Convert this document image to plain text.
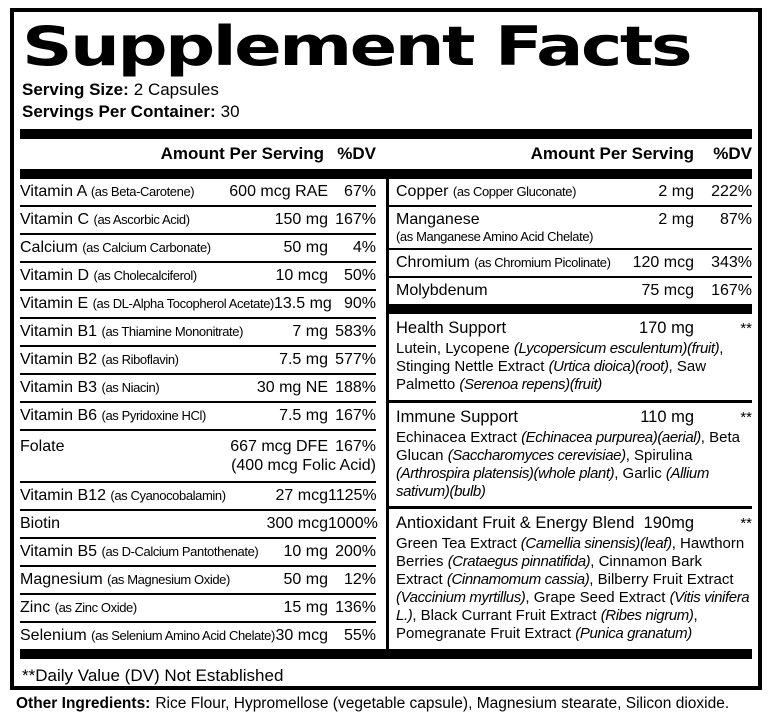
Supplement Facts
Serving Size: 2 Capsules
Servings Per Container: 30
Amount Per Serving %DV	Amount Per Serving	%DV
Vitamin A (as Beta-Carotene)	600 mcg RAE 67%
Vitamin C (as Ascorbic Acid)	150 mg 167%
Calcium (as Calcium Carbonate)	50 mg	4%
Vitamin D (as Cholecalciferol)	10 mcg 50%
Vitamin E (as DL-Alpha Tocopherol Acetate) 13.5 mg 90%
Vitamin B1 (as Thiamine Mononitrate)	7 mg 583%
Vitamin B2 (as Riboflavin)	7.5 mg 577%
Vitamin B3 (as Niacin)	30 mg NE 188%
Vitamin B6 (as Pyridoxine HCl)	7.5 mg 167%
Folate	667 mcg DFE 167%
(400 mcg Folic Acid)
Vitamin B12 (as Cyanocobalamin)	27 mcg 1125%
Biotin	300 mcg 1000%
Vitamin B5 (as D-Calcium Pantothenate)	10 mg 200%
Magnesium (as Magnesium Oxide)	50 mg 12%
Zinc (as Zinc Oxide)	15 mg 136%
Selenium (as Selenium Amino Acid Chelate) 30 mcg 55%
Copper (as Copper Gluconate)	2 mg	222%
Manganese	2 mg	87%
(as Manganese Amino Acid Chelate)
Chromium (as Chromium Picolinate)	120 mcg	343%
Molybdenum	75 mcg	167%
Health Support	170 mg	**
Lutein, Lycopene (Lycopersicum esculentum)(fruit), Stinging Nettle Extract (Urtica dioica)(root), Saw Palmetto (Serenoa repens)(fruit)
Immune Support	110 mg	**
Echinacea Extract (Echinacea purpurea)(aerial), Beta Glucan (Saccharomyces cerevisiae), Spirulina (Arthrospira platensis)(whole plant), Garlic (Allium sativum)(bulb)
Antioxidant Fruit & Energy Blend 190mg	**
Green Tea Extract (Camellia sinensis)(leaf), Hawthorn Berries (Crataegus pinnatifida), Cinnamon Bark Extract (Cinnamomum cassia), Bilberry Fruit Extract (Vaccinium myrtillus), Grape Seed Extract (Vitis vinifera L.), Black Currant Fruit Extract (Ribes nigrum), Pomegranate Fruit Extract (Punica granatum)
**Daily Value (DV) Not Established
Other Ingredients: Rice Flour, Hypromellose (vegetable capsule), Magnesium stearate, Silicon dioxide.
